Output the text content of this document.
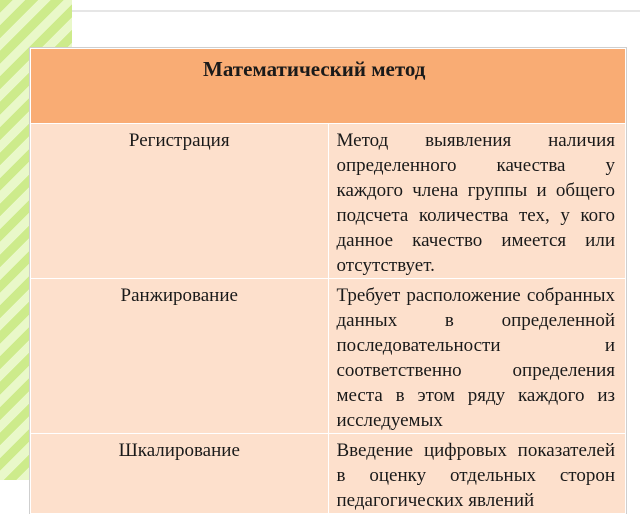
Математический метод	
Регистрация	Метод выявления наличия определенного качества у каждого члена группы и общего подсчета количества тех, у кого данное качество имеется или отсутствует.
Ранжирование	Требует расположение собранных данных в определенной последовательности и соответственно определения места в этом ряду каждого из исследуемых
Шкалирование	Введение цифровых показателей в оценку отдельных сторон педагогических явлений
